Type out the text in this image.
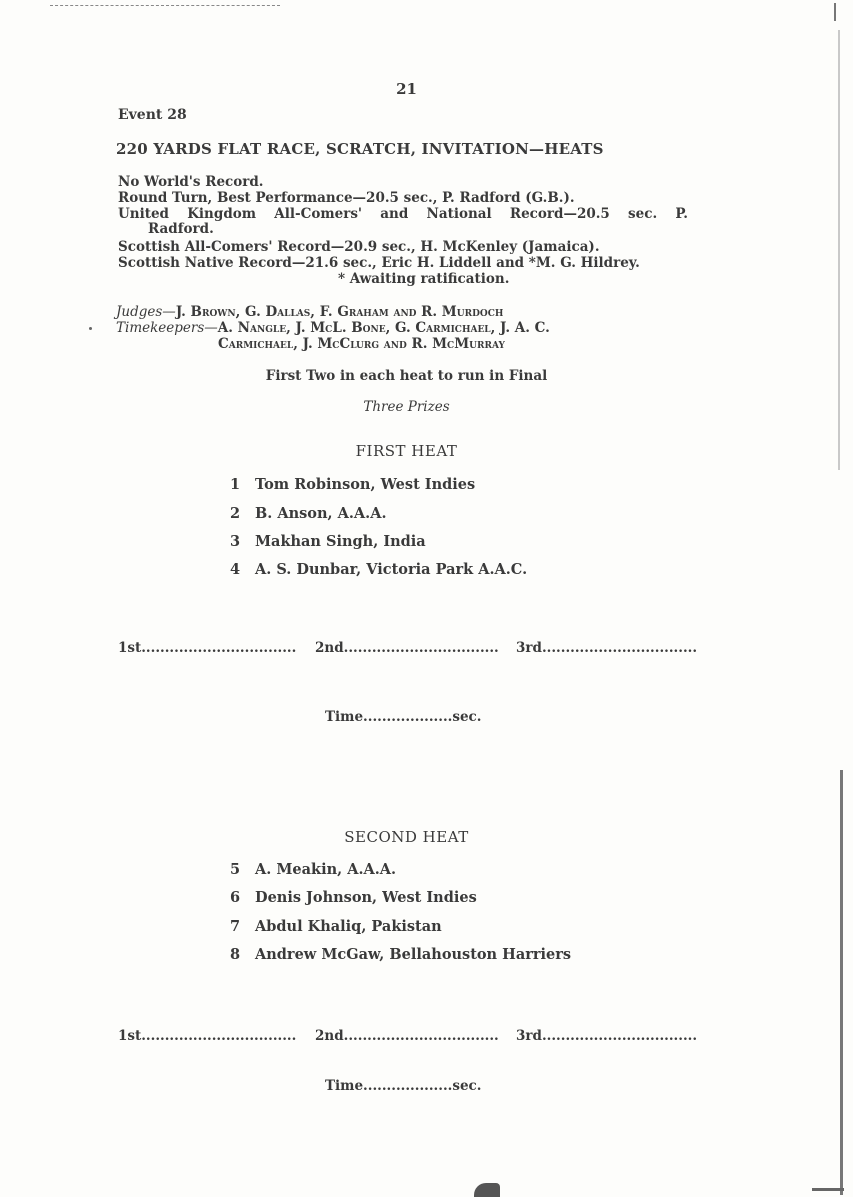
21
Event 28
220 YARDS FLAT RACE, SCRATCH, INVITATION—HEATS
No World's Record.
Round Turn, Best Performance—20.5 sec., P. Radford (G.B.).
United Kingdom All-Comers' and National Record—20.5 sec. P.
Radford.
Scottish All-Comers' Record—20.9 sec., H. McKenley (Jamaica).
Scottish Native Record—21.6 sec., Eric H. Liddell and *M. G. Hildrey.
* Awaiting ratification.
Judges—J. Brown, G. Dallas, F. Graham and R. Murdoch
Timekeepers—A. Nangle, J. McL. Bone, G. Carmichael, J. A. C.
Carmichael, J. McClurg and R. McMurray
First Two in each heat to run in Final
Three Prizes
FIRST HEAT
1 Tom Robinson, West Indies
2 B. Anson, A.A.A.
3 Makhan Singh, India
4 A. S. Dunbar, Victoria Park A.A.C.
1st................................. 2nd................................. 3rd.................................
Time...................sec.
SECOND HEAT
5 A. Meakin, A.A.A.
6 Denis Johnson, West Indies
7 Abdul Khaliq, Pakistan
8 Andrew McGaw, Bellahouston Harriers
1st................................. 2nd................................. 3rd.................................
Time...................sec.
